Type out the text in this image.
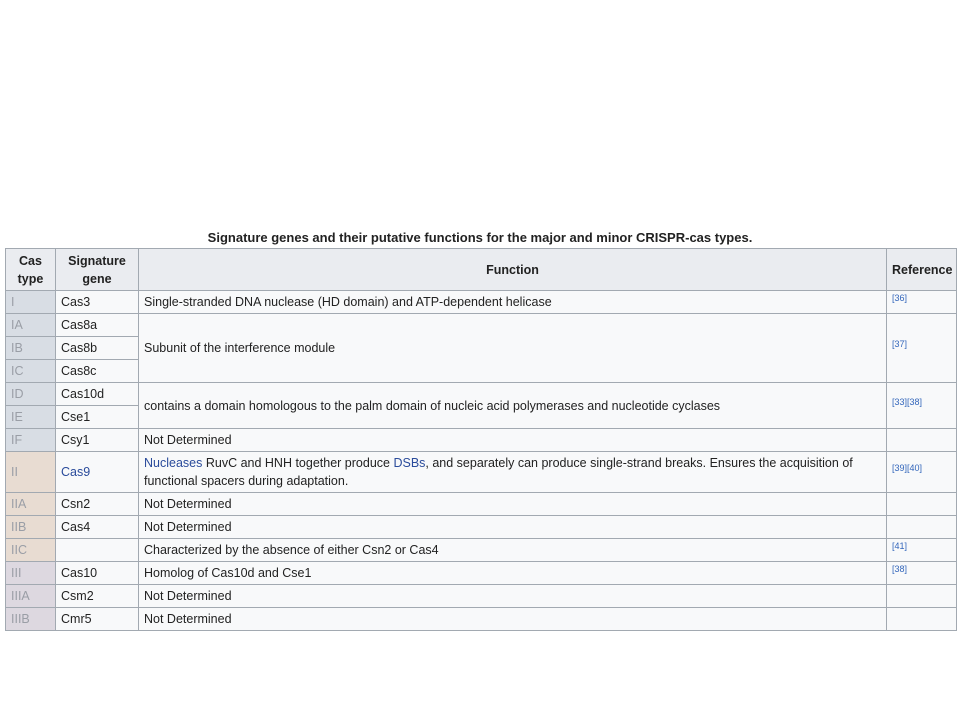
Signature genes and their putative functions for the major and minor CRISPR-cas types.
Cas type	Signature gene	Function	Reference
I	Cas3	Single-stranded DNA nuclease (HD domain) and ATP-dependent helicase	[36]
IA	Cas8a	Subunit of the interference module	[37]
IB	Cas8b		
IC	Cas8c		
ID	Cas10d	contains a domain homologous to the palm domain of nucleic acid polymerases and nucleotide cyclases	[33][38]
IE	Cse1		
IF	Csy1	Not Determined	
II	Cas9	Nucleases RuvC and HNH together produce DSBs, and separately can produce single-strand breaks. Ensures the acquisition of functional spacers during adaptation.	[39][40]
IIA	Csn2	Not Determined	
IIB	Cas4	Not Determined	
IIC		Characterized by the absence of either Csn2 or Cas4	[41]
III	Cas10	Homolog of Cas10d and Cse1	[38]
IIIA	Csm2	Not Determined	
IIIB	Cmr5	Not Determined	
